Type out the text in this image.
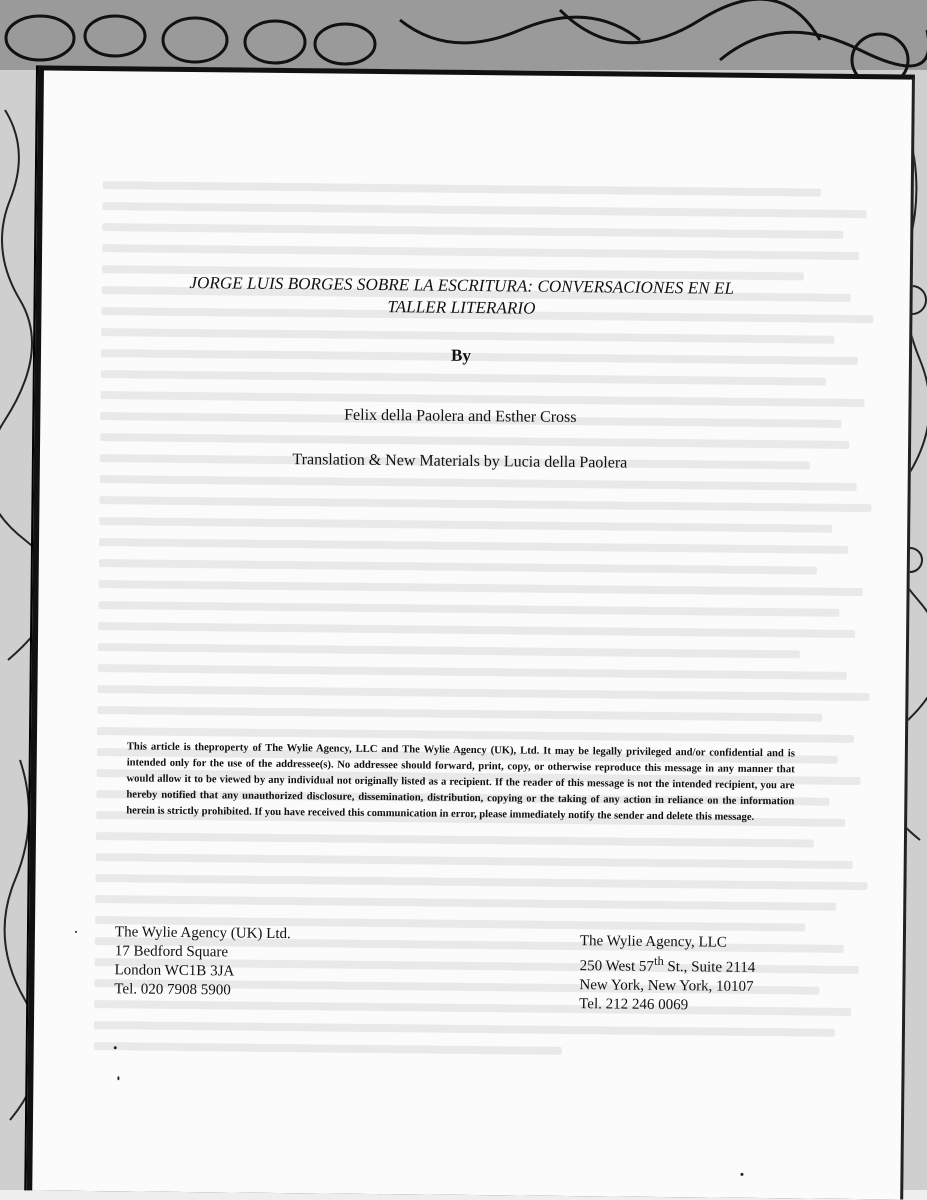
JORGE LUIS BORGES SOBRE LA ESCRITURA: CONVERSACIONES EN EL
TALLER LITERARIO
By
Felix della Paolera and Esther Cross
Translation & New Materials by Lucia della Paolera
This article is theproperty of The Wylie Agency, LLC and The Wylie Agency (UK), Ltd. It may be legally privileged and/or confidential and is intended only for the use of the addressee(s). No addressee should forward, print, copy, or otherwise reproduce this message in any manner that would allow it to be viewed by any individual not originally listed as a recipient. If the reader of this message is not the intended recipient, you are hereby notified that any unauthorized disclosure, dissemination, distribution, copying or the taking of any action in reliance on the information herein is strictly prohibited. If you have received this communication in error, please immediately notify the sender and delete this message.
The Wylie Agency (UK) Ltd.
17 Bedford Square
London WC1B 3JA
Tel. 020 7908 5900
The Wylie Agency, LLC
250 West 57th St., Suite 2114
New York, New York, 10107
Tel. 212 246 0069
